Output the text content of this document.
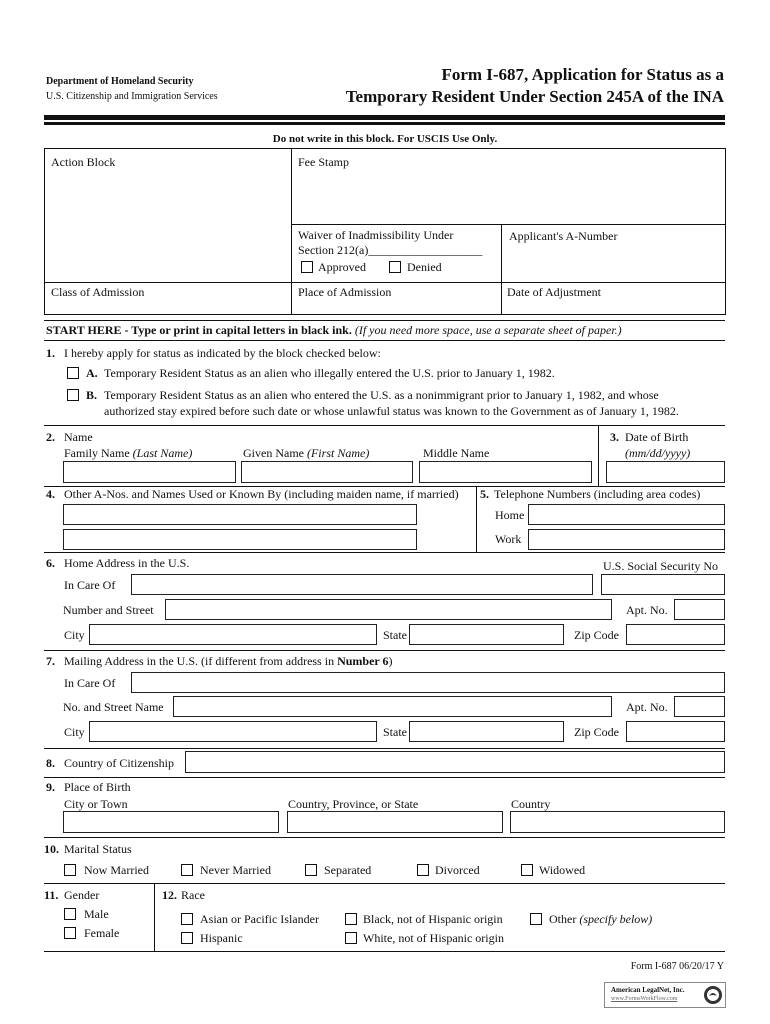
Department of Homeland Security
U.S. Citizenship and Immigration Services
Form I-687, Application for Status as a
Temporary Resident Under Section 245A of the INA
Do not write in this block. For USCIS Use Only.
Action Block	Fee Stamp
Waiver of Inadmissibility Under
Section 212(a)___________________
Approved	Denied
Applicant's A-Number
Class of Admission	Place of Admission	Date of Adjustment
START HERE - Type or print in capital letters in black ink. (If you need more space, use a separate sheet of paper.)
1. I hereby apply for status as indicated by the block checked below:
A. Temporary Resident Status as an alien who illegally entered the U.S. prior to January 1, 1982.
B. Temporary Resident Status as an alien who entered the U.S. as a nonimmigrant prior to January 1, 1982, and whose
authorized stay expired before such date or whose unlawful status was known to the Government as of January 1, 1982.
2. Name
Family Name (Last Name)	Given Name (First Name)	Middle Name
3. Date of Birth
(mm/dd/yyyy)
4. Other A-Nos. and Names Used or Known By (including maiden name, if married) 5. Telephone Numbers (including area codes)
Home
Work
6. Home Address in the U.S.	U.S. Social Security No
In Care Of
Number and Street	Apt. No.
City	State	Zip Code
7. Mailing Address in the U.S. (if different from address in Number 6)
In Care Of
No. and Street Name	Apt. No.
City	State	Zip Code
8. Country of Citizenship
9. Place of Birth
City or Town	Country, Province, or State	Country
10. Marital Status
Now Married	Never Married	Separated	Divorced	Widowed
11. Gender
Male
Female
12. Race
Asian or Pacific Islander	Black, not of Hispanic origin	Other (specify below)
Hispanic	White, not of Hispanic origin
Form I-687 06/20/17 Y
American LegalNet, Inc.
www.FormsWorkFlow.com
